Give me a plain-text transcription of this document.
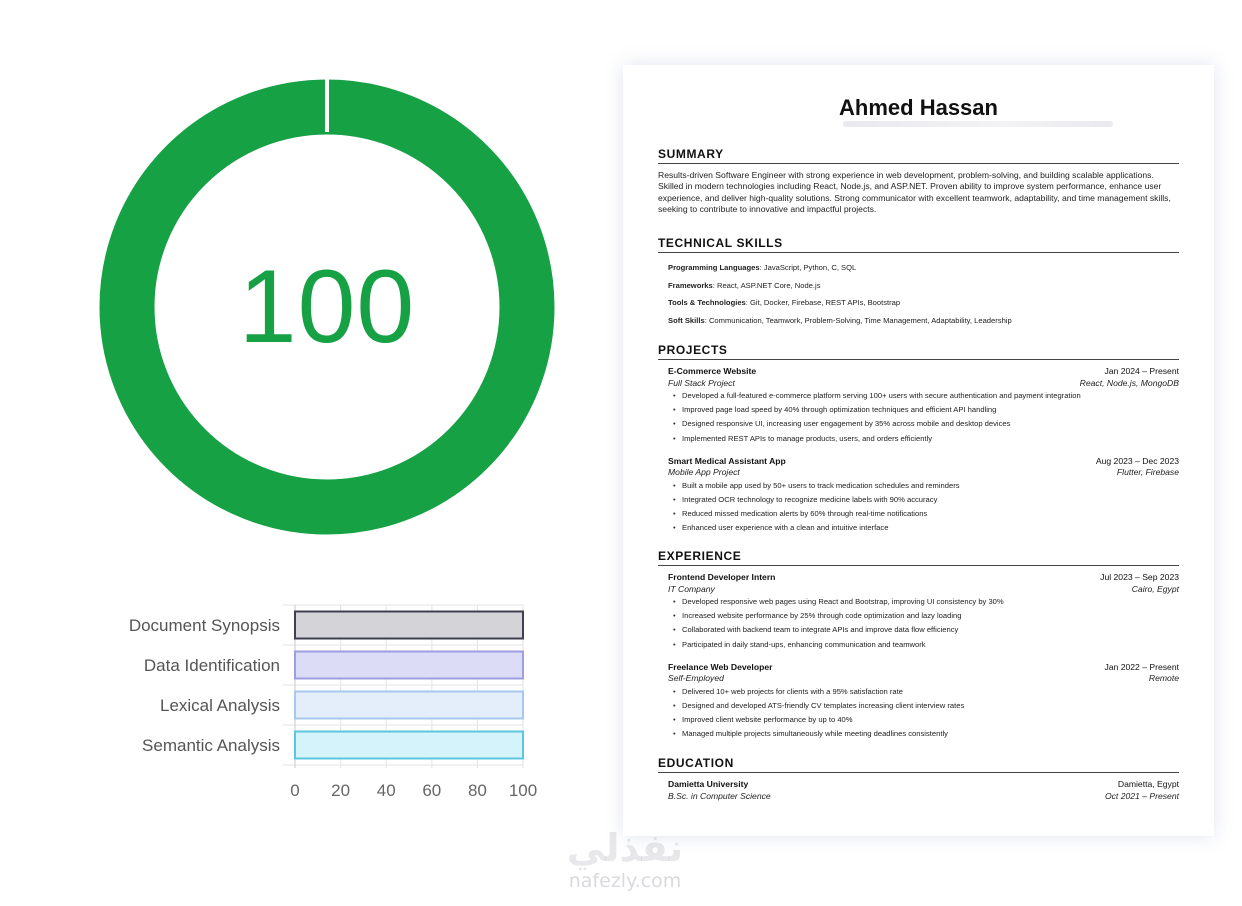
100
Document Synopsis
Data Identification
Lexical Analysis
Semantic Analysis
0 20 40 60 80 100
Ahmed Hassan
SUMMARY

Results-driven Software Engineer with strong experience in web development, problem-solving, and building scalable applications. Skilled in modern technologies including React, Node.js, and ASP.NET. Proven ability to improve system performance, enhance user experience, and deliver high-quality solutions. Strong communicator with excellent teamwork, adaptability, and time management skills, seeking to contribute to innovative and impactful projects.

TECHNICAL SKILLS

Programming Languages: JavaScript, Python, C, SQL

Frameworks: React, ASP.NET Core, Node.js

Tools & Technologies: Git, Docker, Firebase, REST APIs, Bootstrap

Soft Skills: Communication, Teamwork, Problem-Solving, Time Management, Adaptability, Leadership

PROJECTS
E-Commerce Website	Jan 2024 – Present
Full Stack Project	React, Node.js, MongoDB
• Developed a full-featured e-commerce platform serving 100+ users with secure authentication and payment integration
• Improved page load speed by 40% through optimization techniques and efficient API handling
• Designed responsive UI, increasing user engagement by 35% across mobile and desktop devices
• Implemented REST APIs to manage products, users, and orders efficiently
Smart Medical Assistant App	Aug 2023 – Dec 2023
Mobile App Project	Flutter, Firebase
• Built a mobile app used by 50+ users to track medication schedules and reminders
• Integrated OCR technology to recognize medicine labels with 90% accuracy
• Reduced missed medication alerts by 60% through real-time notifications
• Enhanced user experience with a clean and intuitive interface
EXPERIENCE
Frontend Developer Intern	Jul 2023 – Sep 2023
IT Company	Cairo, Egypt
• Developed responsive web pages using React and Bootstrap, improving UI consistency by 30%
• Increased website performance by 25% through code optimization and lazy loading
• Collaborated with backend team to integrate APIs and improve data flow efficiency
• Participated in daily stand-ups, enhancing communication and teamwork
Freelance Web Developer	Jan 2022 – Present
Self-Employed	Remote
• Delivered 10+ web projects for clients with a 95% satisfaction rate
• Designed and developed ATS-friendly CV templates increasing client interview rates
• Improved client website performance by up to 40%
• Managed multiple projects simultaneously while meeting deadlines consistently
EDUCATION
Damietta University	Damietta, Egypt
B.Sc. in Computer Science	Oct 2021 – Present
نفذلي
nafezly.com
